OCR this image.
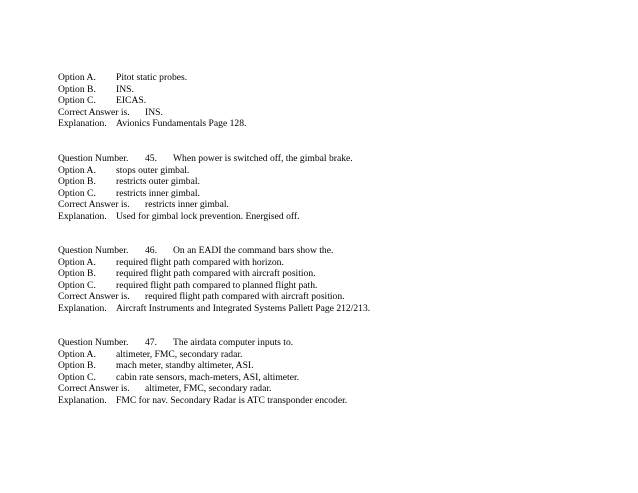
Option A. Pitot static probes.
Option B. INS.
Option C. EICAS.
Correct Answer is. INS.
Explanation. Avionics Fundamentals Page 128.
Question Number. 45. When power is switched off, the gimbal brake.
Option A. stops outer gimbal.
Option B. restricts outer gimbal.
Option C. restricts inner gimbal.
Correct Answer is. restricts inner gimbal.
Explanation. Used for gimbal lock prevention. Energised off.
Question Number. 46. On an EADI the command bars show the.
Option A. required flight path compared with horizon.
Option B. required flight path compared with aircraft position.
Option C. required flight path compared to planned flight path.
Correct Answer is. required flight path compared with aircraft position.
Explanation. Aircraft Instruments and Integrated Systems Pallett Page 212/213.
Question Number. 47. The airdata computer inputs to.
Option A. altimeter, FMC, secondary radar.
Option B. mach meter, standby altimeter, ASI.
Option C. cabin rate sensors, mach-meters, ASI, altimeter.
Correct Answer is. altimeter, FMC, secondary radar.
Explanation. FMC for nav. Secondary Radar is ATC transponder encoder.
